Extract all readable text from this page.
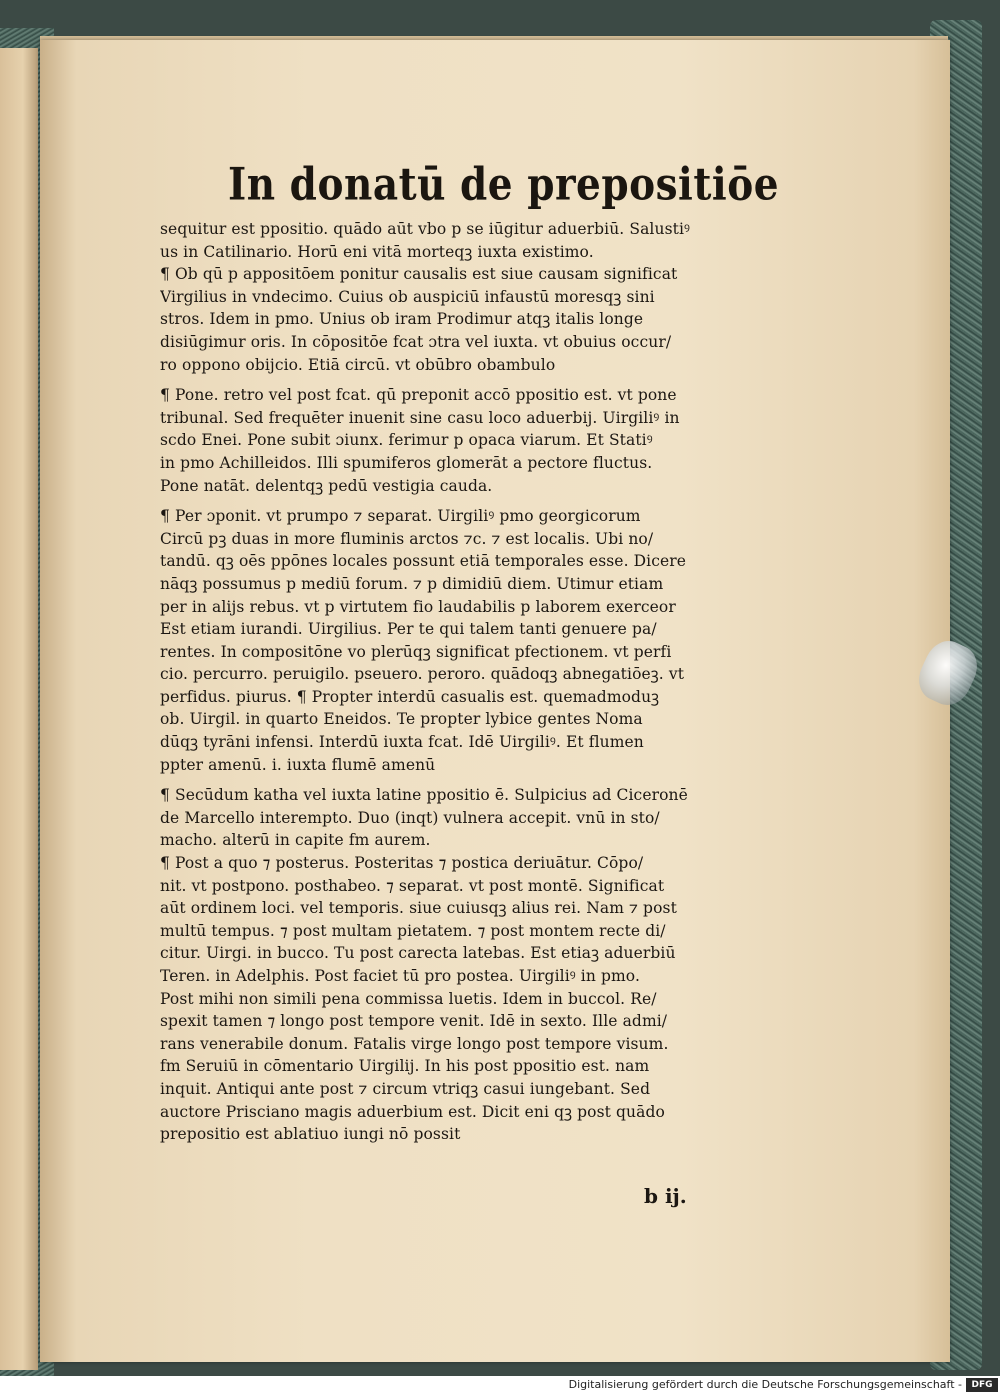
In donatū de prepositiōe
sequitur est ppositio. quādo aūt vbo p se iūgitur aduerbiū. Salustiꝰ
us in Catilinario. Horū eni vitā morteqꝫ iuxta existimo.
¶ Ob qū p appositōem ponitur causalis est siue causam significat
Virgilius in vndecimo. Cuius ob auspiciū infaustū moresqꝫ sini
stros. Idem in pmo. Unius ob iram Prodimur atqꝫ italis longe
disiūgimur oris. In cōpositōe fcat ɔtra vel iuxta. vt obuius occur/
ro oppono obijcio. Etiā circū. vt obūbro obambulo
¶ Pone. retro vel post fcat. qū preponit accō ppositio est. vt pone
tribunal. Sed frequēter inuenit sine casu loco aduerbij. Uirgiliꝰ in
scdo Enei. Pone subit ɔiunx. ferimur p opaca viarum. Et Statiꝰ
in pmo Achilleidos. Illi spumiferos glomerāt a pectore fluctus.
Pone natāt. delentqꝫ pedū vestigia cauda.
¶ Per ɔponit. vt prumpo ⁊ separat. Uirgiliꝰ pmo georgicorum
Circū pꝫ duas in more fluminis arctos ⁊c. ⁊ est localis. Ubi no/
tandū. qꝫ oēs ppōnes locales possunt etiā temporales esse. Dicere
nāqꝫ possumus p mediū forum. ⁊ p dimidiū diem. Utimur etiam
per in alijs rebus. vt p virtutem fio laudabilis p laborem exerceor
Est etiam iurandi. Uirgilius. Per te qui talem tanti genuere pa/
rentes. In compositōne vo plerūqꝫ significat pfectionem. vt perfi
cio. percurro. peruigilo. pseuero. peroro. quādoqꝫ abnegatiōeꝫ. vt
perfidus. piurus. ¶ Propter interdū casualis est. quemadmoduꝫ
ob. Uirgil. in quarto Eneidos. Te propter lybice gentes Noma
dūqꝫ tyrāni infensi. Interdū iuxta fcat. Idē Uirgiliꝰ. Et flumen
ppter amenū. i. iuxta flumē amenū
¶ Secūdum katha vel iuxta latine ppositio ē. Sulpicius ad Ciceronē
de Marcello interempto. Duo (inqt) vulnera accepit. vnū in sto/
macho. alterū in capite fm aurem.
¶ Post a quo ⁊ posterus. Posteritas ⁊ postica deriuātur. Cōpo/
nit. vt postpono. posthabeo. ⁊ separat. vt post montē. Significat
aūt ordinem loci. vel temporis. siue cuiusqꝫ alius rei. Nam ⁊ post
multū tempus. ⁊ post multam pietatem. ⁊ post montem recte di/
citur. Uirgi. in bucco. Tu post carecta latebas. Est etiaꝫ aduerbiū
Teren. in Adelphis. Post faciet tū pro postea. Uirgiliꝰ in pmo.
Post mihi non simili pena commissa luetis. Idem in buccol. Re/
spexit tamen ⁊ longo post tempore venit. Idē in sexto. Ille admi/
rans venerabile donum. Fatalis virge longo post tempore visum.
fm Seruiū in cōmentario Uirgilij. In his post ppositio est. nam
inquit. Antiqui ante post ⁊ circum vtriqꝫ casui iungebant. Sed
auctore Prisciano magis aduerbium est. Dicit eni qꝫ post quādo
prepositio est ablatiuo iungi nō possit
b ij.
Digitalisierung gefördert durch die Deutsche Forschungsgemeinschaft -	DFG
